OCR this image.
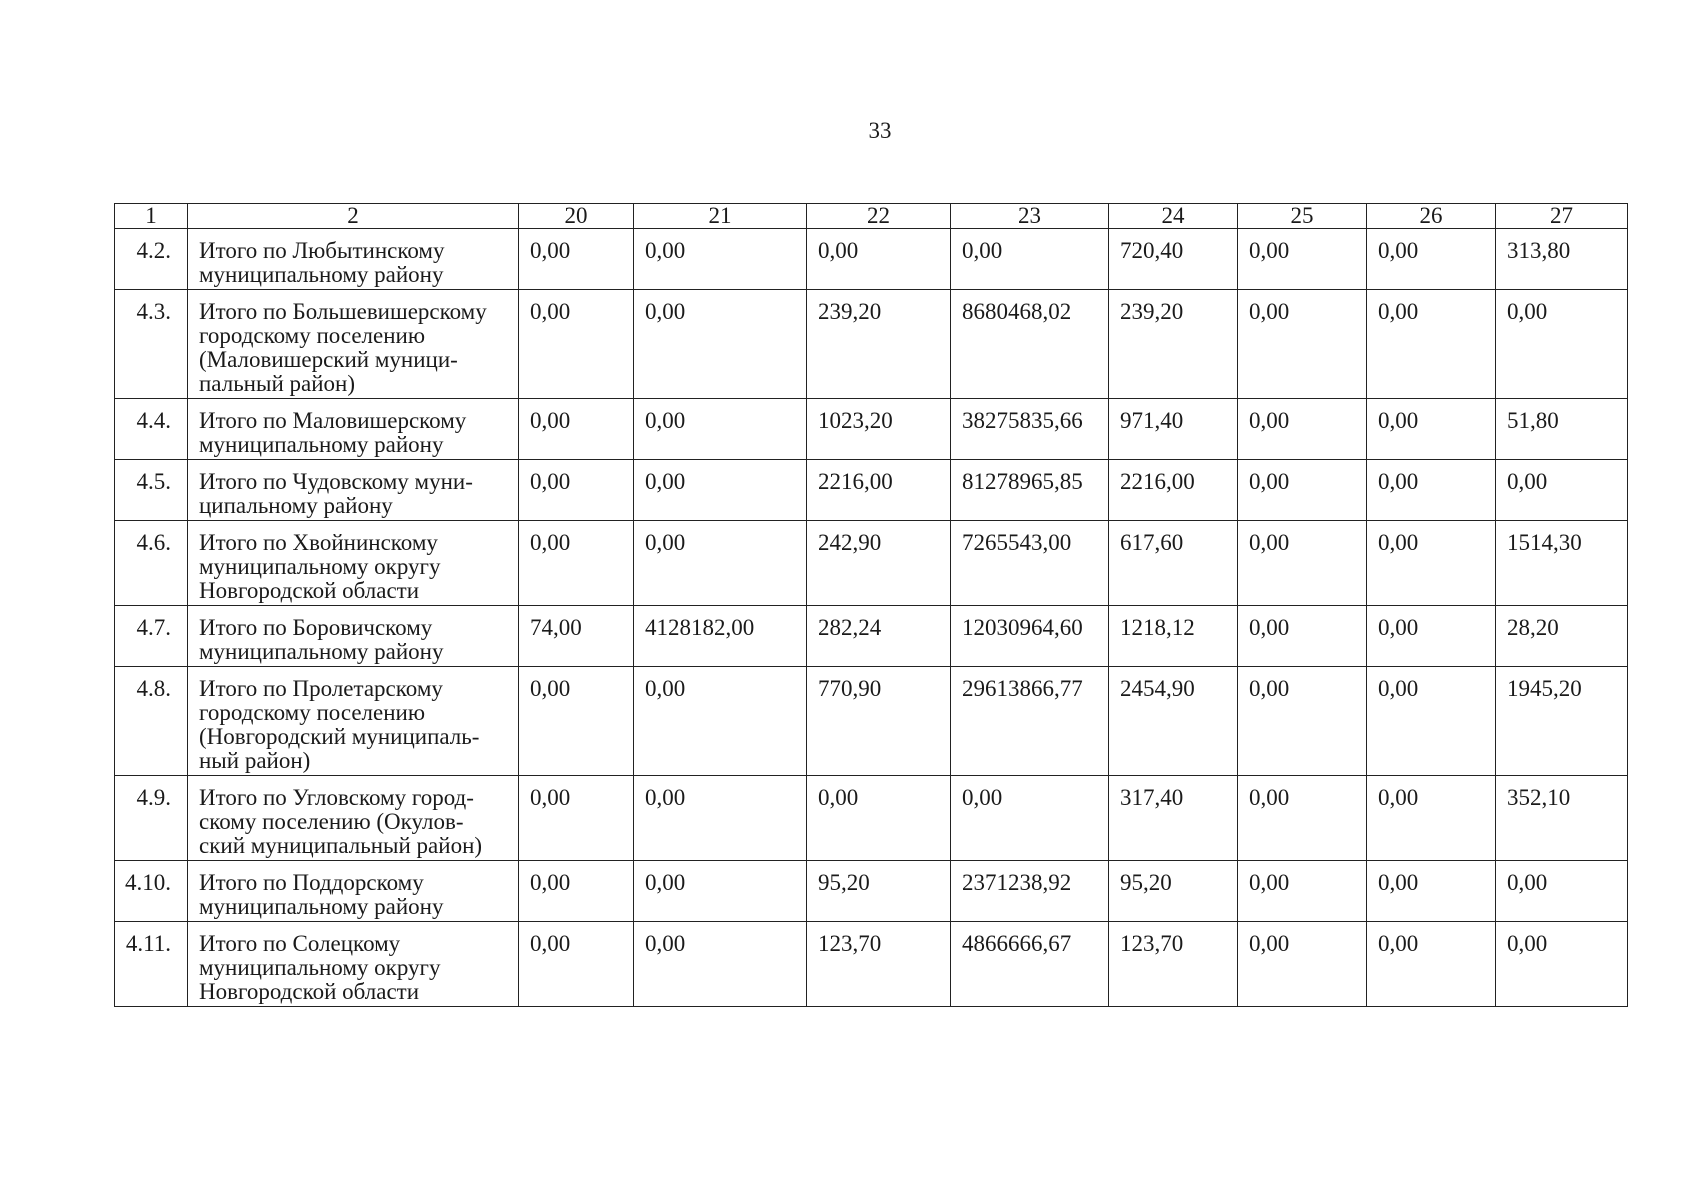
33
1	2	20	21	22	23	24	25	26	27
4.2.	Итого по Любытинскому
муниципальному району	0,00	0,00	0,00	0,00	720,40	0,00	0,00	313,80
4.3.	Итого по Большевишерскому
городскому поселению
(Маловишерский муници-
пальный район)	0,00	0,00	239,20	8680468,02	239,20	0,00	0,00	0,00
4.4.	Итого по Маловишерскому
муниципальному району	0,00	0,00	1023,20	38275835,66	971,40	0,00	0,00	51,80
4.5.	Итого по Чудовскому муни-
ципальному району	0,00	0,00	2216,00	81278965,85	2216,00	0,00	0,00	0,00
4.6.	Итого по Хвойнинскому
муниципальному округу
Новгородской области	0,00	0,00	242,90	7265543,00	617,60	0,00	0,00	1514,30
4.7.	Итого по Боровичскому
муниципальному району	74,00	4128182,00	282,24	12030964,60	1218,12	0,00	0,00	28,20
4.8.	Итого по Пролетарскому
городскому поселению
(Новгородский муниципаль-
ный район)	0,00	0,00	770,90	29613866,77	2454,90	0,00	0,00	1945,20
4.9.	Итого по Угловскому город-
скому поселению (Окулов-
ский муниципальный район)	0,00	0,00	0,00	0,00	317,40	0,00	0,00	352,10
4.10.	Итого по Поддорскому
муниципальному району	0,00	0,00	95,20	2371238,92	95,20	0,00	0,00	0,00
4.11.	Итого по Солецкому
муниципальному округу
Новгородской области	0,00	0,00	123,70	4866666,67	123,70	0,00	0,00	0,00
